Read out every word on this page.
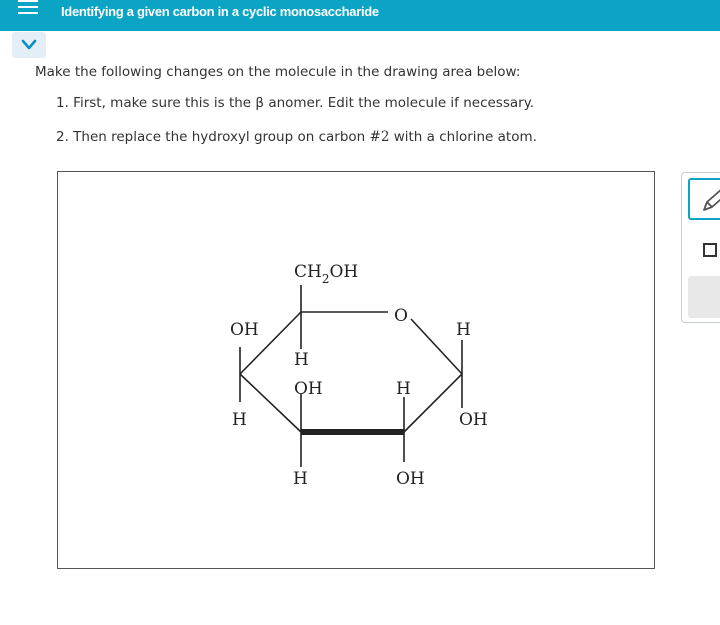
Identifying a given carbon in a cyclic monosaccharide

Make the following changes on the molecule in the drawing area below:

1. First, make sure this is the β anomer. Edit the molecule if necessary.

2. Then replace the hydroxyl group on carbon #2 with a chlorine atom.

$CH_2OH$
O
H
OH
H
OH
H
OH
H
OH
H
